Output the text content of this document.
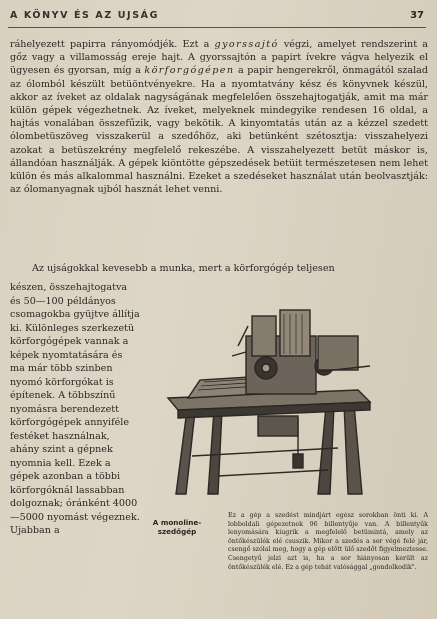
A KÖNYV ÉS AZ UJSÁG	37

ráhelyezett papirra rányomódjék. Ezt a gyorssajtó végzi, amelyet rendszerint a gőz vagy a villamosság ereje hajt. A gyorssajtón a papirt ívekre vágva helyezik el ügyesen és gyorsan, míg a körforgógépen a papir hengerekről, önmagától szalad az ólomból készült betüöntvényekre. Ha a nyomtatvány kész és könyvnek készül, akkor az íveket az oldalak nagyságának megfelelően összehajtogatják, amit ma már külön gépek végezhetnek. Az íveket, melyeknek mindegyike rendesen 16 oldal, a hajtás vonalában összefűzik, vagy bekötik. A kinyomtatás után az a kézzel szedett ólombetüszöveg visszakerül a szedőhöz, aki betünként szétosztja: visszahelyezi azokat a betüszekrény megfelelő rekeszébe. A visszahelyezett betüt máskor is, állandóan használják. A gépek kiöntötte gépszedések betüit természetesen nem lehet külön és más alkalommal használni. Ezeket a szedéseket használat után beolvasztják: az ólomanyagnak ujból hasznát lehet venni.

Az ujságokkal kevesebb a munka, mert a körforgógép teljesen

készen, összehajtogatva és 50—100 példányos csomagokba gyüjtve állítja ki. Különleges szerkezetü körforgógépek vannak a képek nyomtatására és ma már több szinben nyomó körforgókat is építenek. A többszínű nyomásra berendezett körforgógépek annyiféle festéket használnak, ahány szint a gépnek nyomnia kell. Ezek a gépek azonban a többi körforgóknál lassabban dolgoznak; óránként 4000—5000 nyomást végeznek. Ujabban a

A monoline-szedőgép
Ez a gép a szedést mindjárt egész sorokban önti ki. A lobboldali gépezetnek 96 billentyűje van. A billentyűk lenyomására kiugrik a megfelelő betümintá, amely az öntőkészülék elé csuszik. Mikor a szedés a sor végé felé jár, csengő szólal meg, hogy a gép előtt ülő szedőt figyelmeztesse. Csengetyű jelzi azt is, ha a sor hiányosan került az öntőkészülék elé. Ez a gép tehát valósággal „gondolkodik".
